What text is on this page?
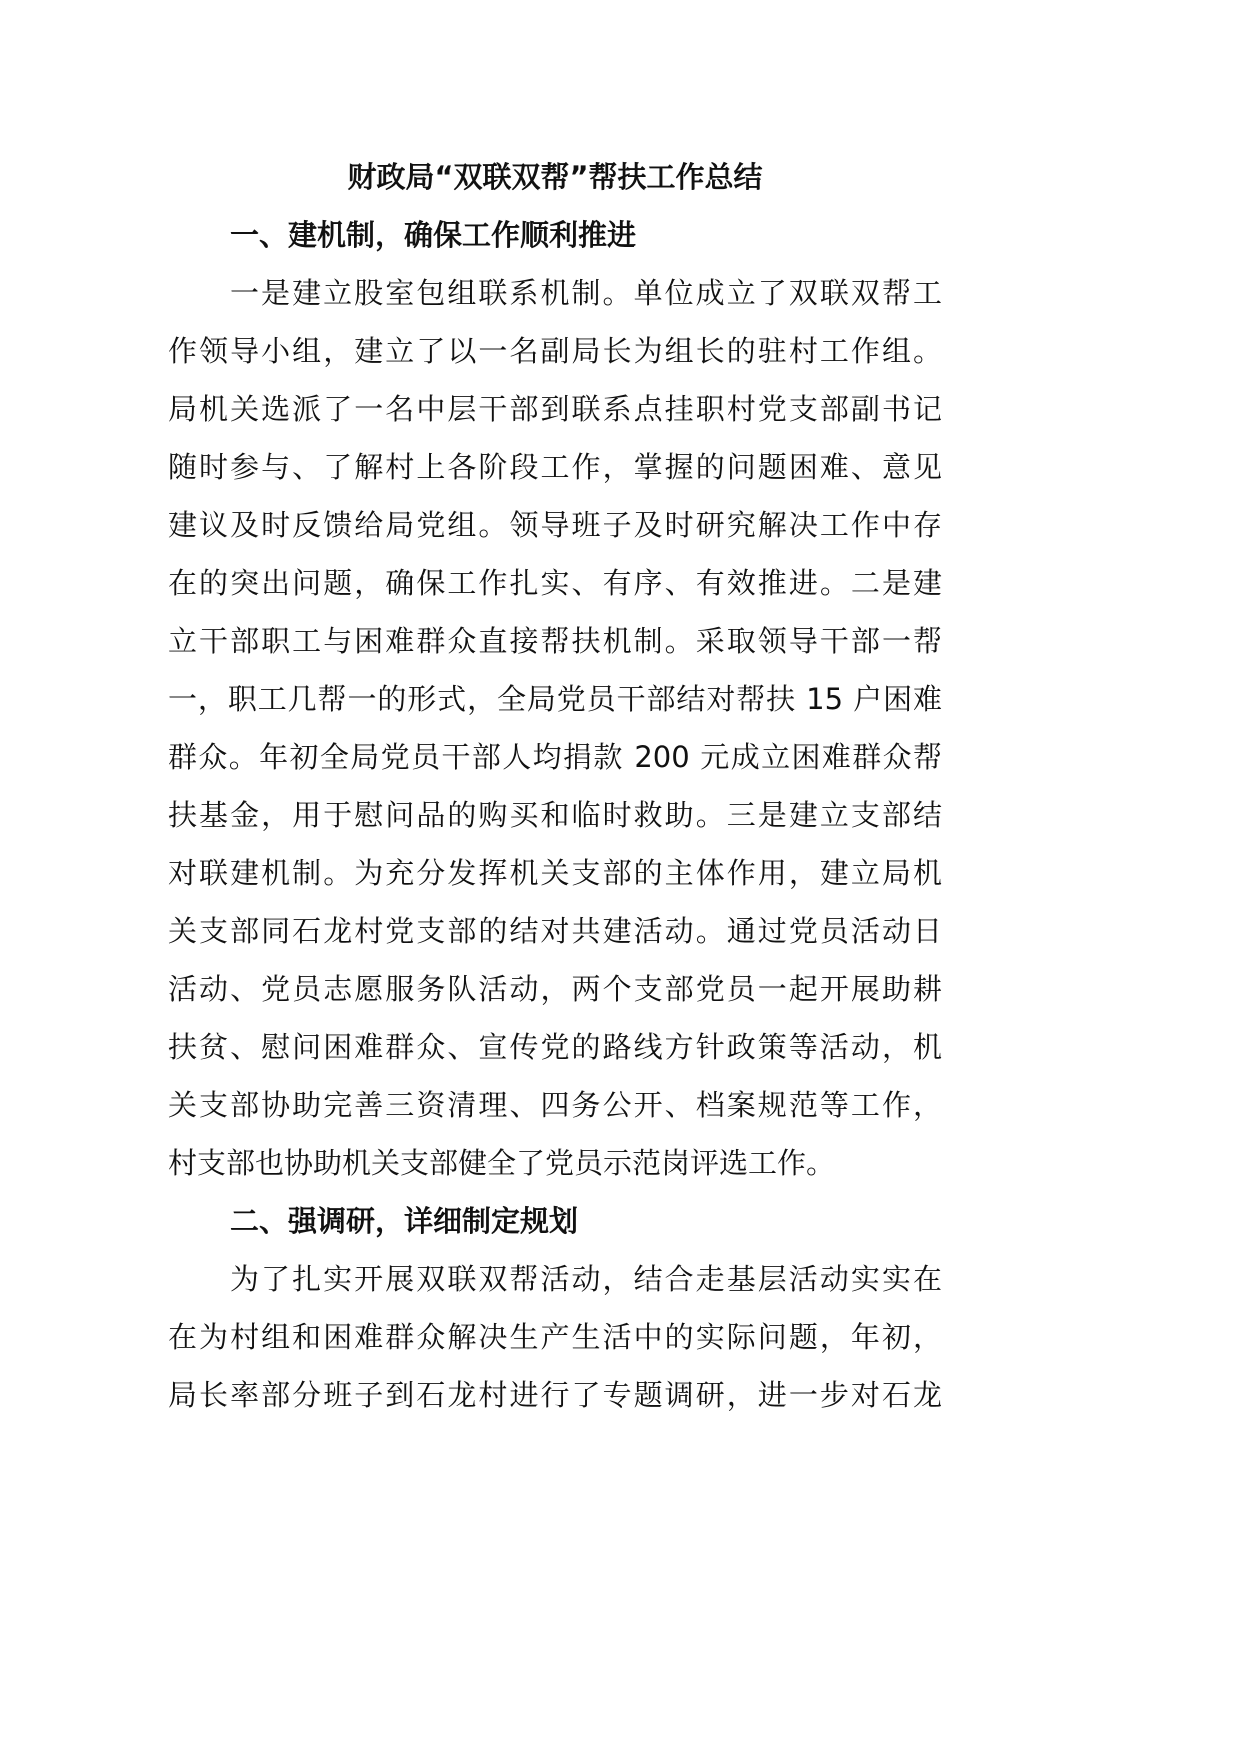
财政局“双联双帮”帮扶工作总结
一、建机制，确保工作顺利推进
一是建立股室包组联系机制。单位成立了双联双帮工
作领导小组，建立了以一名副局长为组长的驻村工作组。
局机关选派了一名中层干部到联系点挂职村党支部副书记
随时参与、了解村上各阶段工作，掌握的问题困难、意见
建议及时反馈给局党组。领导班子及时研究解决工作中存
在的突出问题，确保工作扎实、有序、有效推进。二是建
立干部职工与困难群众直接帮扶机制。采取领导干部一帮
一，职工几帮一的形式，全局党员干部结对帮扶 15 户困难
群众。年初全局党员干部人均捐款 200 元成立困难群众帮
扶基金，用于慰问品的购买和临时救助。三是建立支部结
对联建机制。为充分发挥机关支部的主体作用，建立局机
关支部同石龙村党支部的结对共建活动。通过党员活动日
活动、党员志愿服务队活动，两个支部党员一起开展助耕
扶贫、慰问困难群众、宣传党的路线方针政策等活动，机
关支部协助完善三资清理、四务公开、档案规范等工作，
村支部也协助机关支部健全了党员示范岗评选工作。
二、强调研，详细制定规划
为了扎实开展双联双帮活动，结合走基层活动实实在
在为村组和困难群众解决生产生活中的实际问题，年初，
局长率部分班子到石龙村进行了专题调研，进一步对石龙
